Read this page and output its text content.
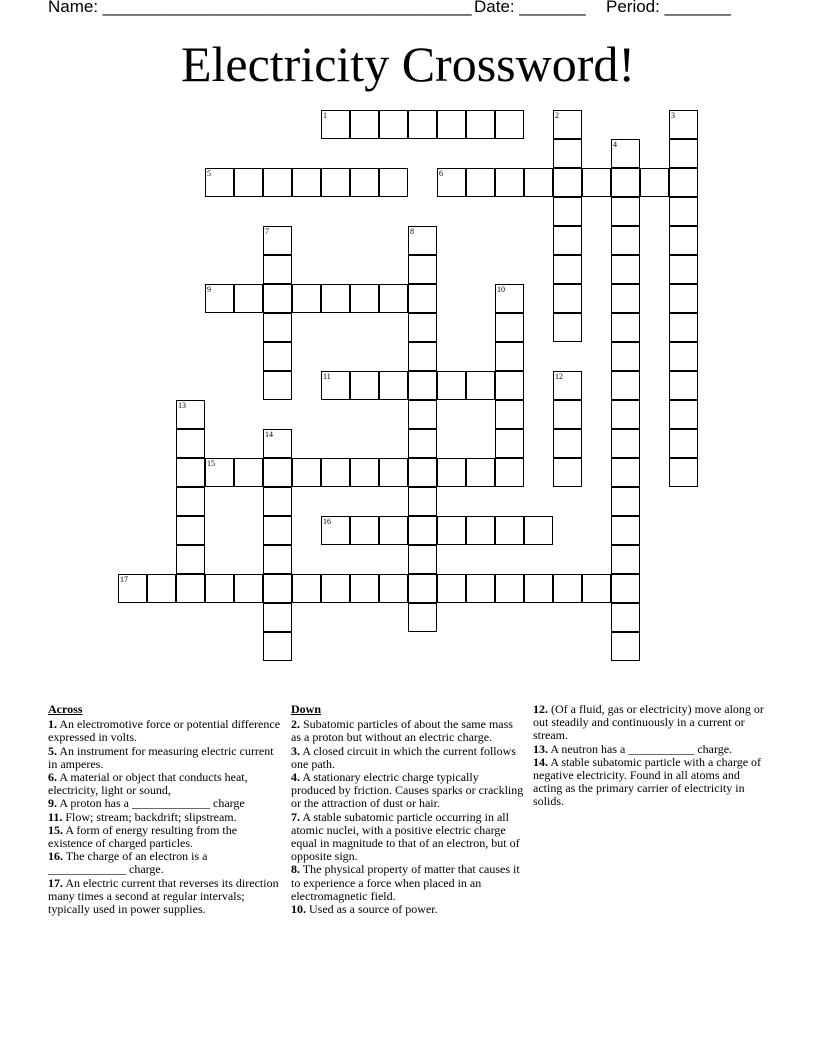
Name: _______________________________________ Date: _______ Period: _______
Electricity Crossword!
1	2	3
4
5	6
7	8
9	10
11	12
13
14
15
16
17
Across
1. An electromotive force or potential difference expressed in volts.
5. An instrument for measuring electric current in amperes.
6. A material or object that conducts heat, electricity, light or sound,
9. A proton has a _____________ charge
11. Flow; stream; backdrift; slipstream.
15. A form of energy resulting from the existence of charged particles.
16. The charge of an electron is a _____________ charge.
17. An electric current that reverses its direction many times a second at regular intervals; typically used in power supplies.
Down
2. Subatomic particles of about the same mass as a proton but without an electric charge.
3. A closed circuit in which the current follows one path.
4. A stationary electric charge typically produced by friction. Causes sparks or crackling or the attraction of dust or hair.
7. A stable subatomic particle occurring in all atomic nuclei, with a positive electric charge equal in magnitude to that of an electron, but of opposite sign.
8. The physical property of matter that causes it to experience a force when placed in an electromagnetic field.
10. Used as a source of power.
12. (Of a fluid, gas or electricity) move along or out steadily and continuously in a current or stream.
13. A neutron has a ___________ charge.
14. A stable subatomic particle with a charge of negative electricity. Found in all atoms and acting as the primary carrier of electricity in solids.
